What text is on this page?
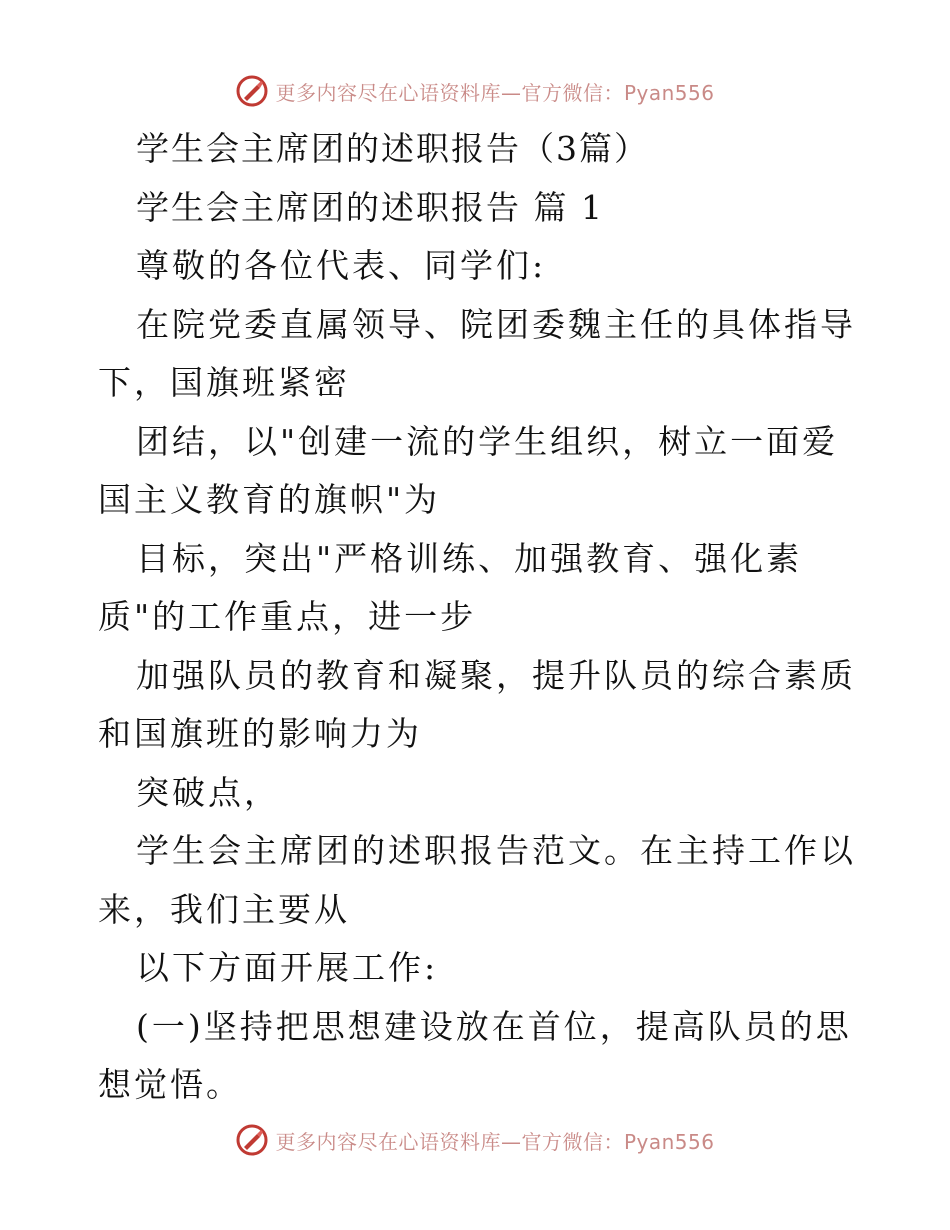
更多内容尽在心语资料库—官方微信：Pyan556

学生会主席团的述职报告（3篇）

学生会主席团的述职报告 篇 1

尊敬的各位代表、同学们:

在院党委直属领导、院团委魏主任的具体指导下，国旗班紧密

团结，以"创建一流的学生组织，树立一面爱国主义教育的旗帜"为

目标，突出"严格训练、加强教育、强化素质"的工作重点，进一步

加强队员的教育和凝聚，提升队员的综合素质和国旗班的影响力为

突破点，

学生会主席团的述职报告范文。在主持工作以来，我们主要从

以下方面开展工作:

(一)坚持把思想建设放在首位，提高队员的思想觉悟。

更多内容尽在心语资料库—官方微信：Pyan556
